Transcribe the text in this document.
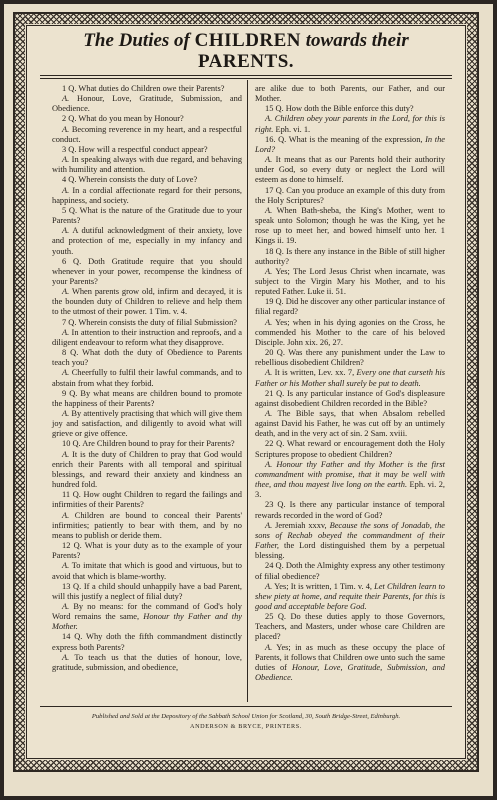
The Duties of CHILDREN towards their
PARENTS.

1 Q. What duties do Children owe their Parents?

A. Honour, Love, Gratitude, Submission, and Obedience.

2 Q. What do you mean by Honour?

A. Becoming reverence in my heart, and a respectful conduct.

3 Q. How will a respectful conduct appear?

A. In speaking always with due regard, and behaving with humility and attention.

4 Q. Wherein consists the duty of Love?

A. In a cordial affectionate regard for their persons, happiness, and society.

5 Q. What is the nature of the Gratitude due to your Parents?

A. A dutiful acknowledgment of their anxiety, love and protection of me, especially in my infancy and youth.

6 Q. Doth Gratitude require that you should whenever in your power, recompense the kindness of your Parents?

A. When parents grow old, infirm and decayed, it is the bounden duty of Children to relieve and help them to the utmost of their power. 1 Tim. v. 4.

7 Q. Wherein consists the duty of filial Submission?

A. In attention to their instruction and reproofs, and a diligent endeavour to reform what they disapprove.

8 Q. What doth the duty of Obedience to Parents teach you?

A. Cheerfully to fulfil their lawful commands, and to abstain from what they forbid.

9 Q. By what means are children bound to promote the happiness of their Parents?

A. By attentively practising that which will give them joy and satisfaction, and diligently to avoid what will grieve or give offence.

10 Q. Are Children bound to pray for their Parents?

A. It is the duty of Children to pray that God would enrich their Parents with all temporal and spiritual blessings, and reward their anxiety and kindness an hundred fold.

11 Q. How ought Children to regard the failings and infirmities of their Parents?

A. Children are bound to conceal their Parents' infirmities; patiently to bear with them, and by no means to publish or deride them.

12 Q. What is your duty as to the example of your Parents?

A. To imitate that which is good and virtuous, but to avoid that which is blame-worthy.

13 Q. If a child should unhappily have a bad Parent, will this justify a neglect of filial duty?

A. By no means: for the command of God's holy Word remains the same, Honour thy Father and thy Mother.

14 Q. Why doth the fifth commandment distinctly express both Parents?

A. To teach us that the duties of honour, love, gratitude, submission, and obedience,

are alike due to both Parents, our Father, and our Mother.

15 Q. How doth the Bible enforce this duty?

A. Children obey your parents in the Lord, for this is right. Eph. vi. 1.

16. Q. What is the meaning of the expression, In the Lord?

A. It means that as our Parents hold their authority under God, so every duty or neglect the Lord will esteem as done to himself.

17 Q. Can you produce an example of this duty from the Holy Scriptures?

A. When Bath-sheba, the King's Mother, went to speak unto Solomon; though he was the King, yet he rose up to meet her, and bowed himself unto her. 1 Kings ii. 19.

18 Q. Is there any instance in the Bible of still higher authority?

A. Yes; The Lord Jesus Christ when incarnate, was subject to the Virgin Mary his Mother, and to his reputed Father. Luke ii. 51.

19 Q. Did he discover any other particular instance of filial regard?

A. Yes; when in his dying agonies on the Cross, he commended his Mother to the care of his beloved Disciple. John xix. 26, 27.

20 Q. Was there any punishment under the Law to rebellious disobedient Children?

A. It is written, Lev. xx. 7, Every one that curseth his Father or his Mother shall surely be put to death.

21 Q. Is any particular instance of God's displeasure against disobedient Children recorded in the Bible?

A. The Bible says, that when Absalom rebelled against David his Father, he was cut off by an untimely death, and in the very act of sin. 2 Sam. xviii.

22 Q. What reward or encouragement doth the Holy Scriptures propose to obedient Children?

A. Honour thy Father and thy Mother is the first commandment with promise, that it may be well with thee, and thou mayest live long on the earth. Eph. vi. 2, 3.

23 Q. Is there any particular instance of temporal rewards recorded in the word of God?

A. Jeremiah xxxv, Because the sons of Jonadab, the sons of Rechab obeyed the commandment of their Father, the Lord distinguished them by a perpetual blessing.

24 Q. Doth the Almighty express any other testimony of filial obedience?

A. Yes; It is written, 1 Tim. v. 4, Let Children learn to shew piety at home, and requite their Parents, for this is good and acceptable before God.

25 Q. Do these duties apply to those Governors, Teachers, and Masters, under whose care Children are placed?

A. Yes; in as much as these occupy the place of Parents, it follows that Children owe unto such the same duties of Honour, Love, Gratitude, Submission, and Obedience.

Published and Sold at the Depository of the Sabbath School Union for Scotland, 30, South Bridge-Street, Edinburgh.
ANDERSON & BRYCE, PRINTERS.
